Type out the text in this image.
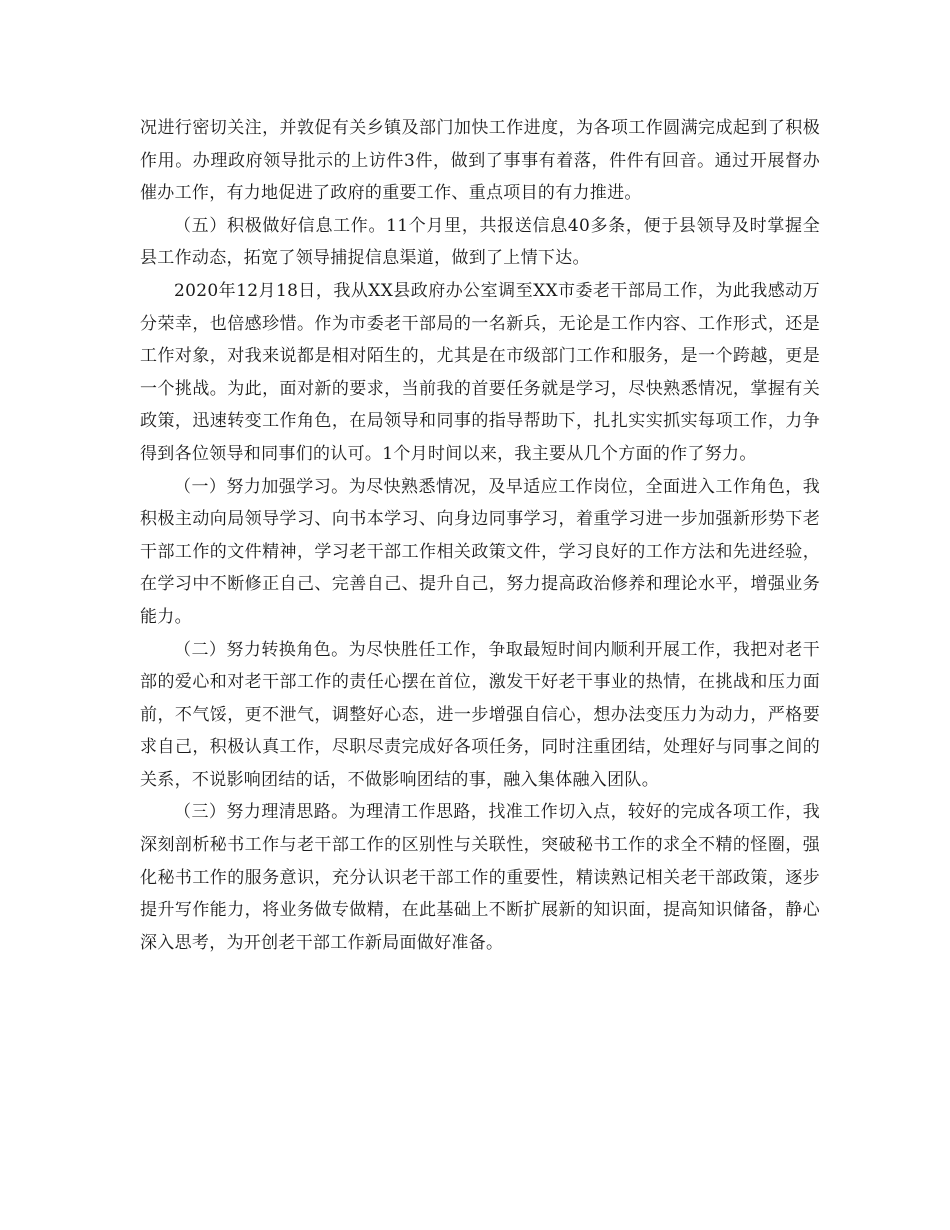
况进行密切关注，并敦促有关乡镇及部门加快工作进度，为各项工作圆满完成起到了积极作用。办理政府领导批示的上访件3件，做到了事事有着落，件件有回音。通过开展督办催办工作，有力地促进了政府的重要工作、重点项目的有力推进。

（五）积极做好信息工作。11个月里，共报送信息40多条，便于县领导及时掌握全县工作动态，拓宽了领导捕捉信息渠道，做到了上情下达。

2020年12月18日，我从XX县政府办公室调至XX市委老干部局工作，为此我感动万分荣幸，也倍感珍惜。作为市委老干部局的一名新兵，无论是工作内容、工作形式，还是工作对象，对我来说都是相对陌生的，尤其是在市级部门工作和服务，是一个跨越，更是一个挑战。为此，面对新的要求，当前我的首要任务就是学习，尽快熟悉情况，掌握有关政策，迅速转变工作角色，在局领导和同事的指导帮助下，扎扎实实抓实每项工作，力争得到各位领导和同事们的认可。1个月时间以来，我主要从几个方面的作了努力。

（一）努力加强学习。为尽快熟悉情况，及早适应工作岗位，全面进入工作角色，我积极主动向局领导学习、向书本学习、向身边同事学习，着重学习进一步加强新形势下老干部工作的文件精神，学习老干部工作相关政策文件，学习良好的工作方法和先进经验，在学习中不断修正自己、完善自己、提升自己，努力提高政治修养和理论水平，增强业务能力。

（二）努力转换角色。为尽快胜任工作，争取最短时间内顺利开展工作，我把对老干部的爱心和对老干部工作的责任心摆在首位，激发干好老干事业的热情，在挑战和压力面前，不气馁，更不泄气，调整好心态，进一步增强自信心，想办法变压力为动力，严格要求自己，积极认真工作，尽职尽责完成好各项任务，同时注重团结，处理好与同事之间的关系，不说影响团结的话，不做影响团结的事，融入集体融入团队。

（三）努力理清思路。为理清工作思路，找准工作切入点，较好的完成各项工作，我深刻剖析秘书工作与老干部工作的区别性与关联性，突破秘书工作的求全不精的怪圈，强化秘书工作的服务意识，充分认识老干部工作的重要性，精读熟记相关老干部政策，逐步提升写作能力，将业务做专做精，在此基础上不断扩展新的知识面，提高知识储备，静心深入思考，为开创老干部工作新局面做好准备。
